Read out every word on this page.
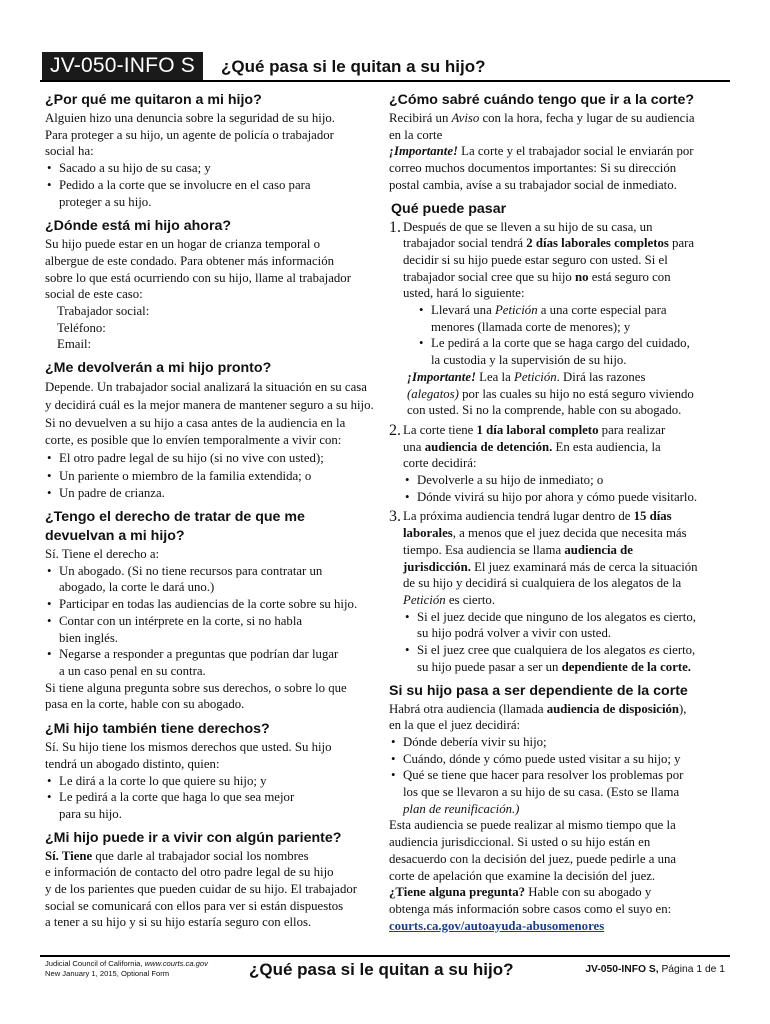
JV-050-INFO S	¿Qué pasa si le quitan a su hijo?
¿Por qué me quitaron a mi hijo?

Alguien hizo una denuncia sobre la seguridad de su hijo.
Para proteger a su hijo, un agente de policía o trabajador
social ha:

• Sacado a su hijo de su casa; y
• Pedido a la corte que se involucre en el caso para
proteger a su hijo.
¿Dónde está mi hijo ahora?

Su hijo puede estar en un hogar de crianza temporal o
albergue de este condado. Para obtener más información
sobre lo que está ocurriendo con su hijo, llame al trabajador
social de este caso:

Trabajador social:

Teléfono:

Email:

¿Me devolverán a mi hijo pronto?

Depende. Un trabajador social analizará la situación en su casa
y decidirá cuál es la mejor manera de mantener seguro a su hijo.
Si no devuelven a su hijo a casa antes de la audiencia en la
corte, es posible que lo envíen temporalmente a vivir con:

• El otro padre legal de su hijo (si no vive con usted);
• Un pariente o miembro de la familia extendida; o
• Un padre de crianza.
¿Tengo el derecho de tratar de que me
devuelvan a mi hijo?

Sí. Tiene el derecho a:

• Un abogado. (Si no tiene recursos para contratar un
abogado, la corte le dará uno.)
• Participar en todas las audiencias de la corte sobre su hijo.
• Contar con un intérprete en la corte, si no habla
bien inglés.
• Negarse a responder a preguntas que podrían dar lugar
a un caso penal en su contra.

Si tiene alguna pregunta sobre sus derechos, o sobre lo que
pasa en la corte, hable con su abogado.

¿Mi hijo también tiene derechos?

Sí. Su hijo tiene los mismos derechos que usted. Su hijo
tendrá un abogado distinto, quien:

• Le dirá a la corte lo que quiere su hijo; y
• Le pedirá a la corte que haga lo que sea mejor
para su hijo.
¿Mi hijo puede ir a vivir con algún pariente?

Sí. Tiene que darle al trabajador social los nombres
e información de contacto del otro padre legal de su hijo
y de los parientes que pueden cuidar de su hijo. El trabajador
social se comunicará con ellos para ver si están dispuestos
a tener a su hijo y si su hijo estaría seguro con ellos.

¿Cómo sabré cuándo tengo que ir a la corte?

Recibirá un Aviso con la hora, fecha y lugar de su audiencia
en la corte
¡Importante! La corte y el trabajador social le enviarán por
correo muchos documentos importantes: Si su dirección
postal cambia, avíse a su trabajador social de inmediato.

Qué puede pasar
1. Después de que se lleven a su hijo de su casa, un
trabajador social tendrá 2 días laborales completos para
decidir si su hijo puede estar seguro con usted. Si el
trabajador social cree que su hijo no está seguro con
usted, hará lo siguiente:

• Llevará una Petición a una corte especial para
menores (llamada corte de menores); y
• Le pedirá a la corte que se haga cargo del cuidado,
la custodia y la supervisión de su hijo.

¡Importante! Lea la Petición. Dirá las razones
(alegatos) por las cuales su hijo no está seguro viviendo
con usted. Si no la comprende, hable con su abogado.

2. La corte tiene 1 día laboral completo para realizar
una audiencia de detención. En esta audiencia, la
corte decidirá:

• Devolverle a su hijo de inmediato; o
• Dónde vivirá su hijo por ahora y cómo puede visitarlo.
3. La próxima audiencia tendrá lugar dentro de 15 días
laborales, a menos que el juez decida que necesita más
tiempo. Esa audiencia se llama audiencia de
jurisdicción. El juez examinará más de cerca la situación
de su hijo y decidirá si cualquiera de los alegatos de la
Petición es cierto.

• Si el juez decide que ninguno de los alegatos es cierto,
su hijo podrá volver a vivir con usted.
• Si el juez cree que cualquiera de los alegatos es cierto,
su hijo puede pasar a ser un dependiente de la corte.
Si su hijo pasa a ser dependiente de la corte

Habrá otra audiencia (llamada audiencia de disposición),
en la que el juez decidirá:

• Dónde debería vivir su hijo;
• Cuándo, dónde y cómo puede usted visitar a su hijo; y
• Qué se tiene que hacer para resolver los problemas por
los que se llevaron a su hijo de su casa. (Esto se llama
plan de reunificación.)

Esta audiencia se puede realizar al mismo tiempo que la
audiencia jurisdiccional. Si usted o su hijo están en
desacuerdo con la decisión del juez, puede pedirle a una
corte de apelación que examine la decisión del juez.
¿Tiene alguna pregunta? Hable con su abogado y
obtenga más información sobre casos como el suyo en:

courts.ca.gov/autoayuda-abusomenores

Judicial Council of California, www.courts.ca.gov
New January 1, 2015, Optional Form	¿Qué pasa si le quitan a su hijo?	JV-050-INFO S, Página 1 de 1
